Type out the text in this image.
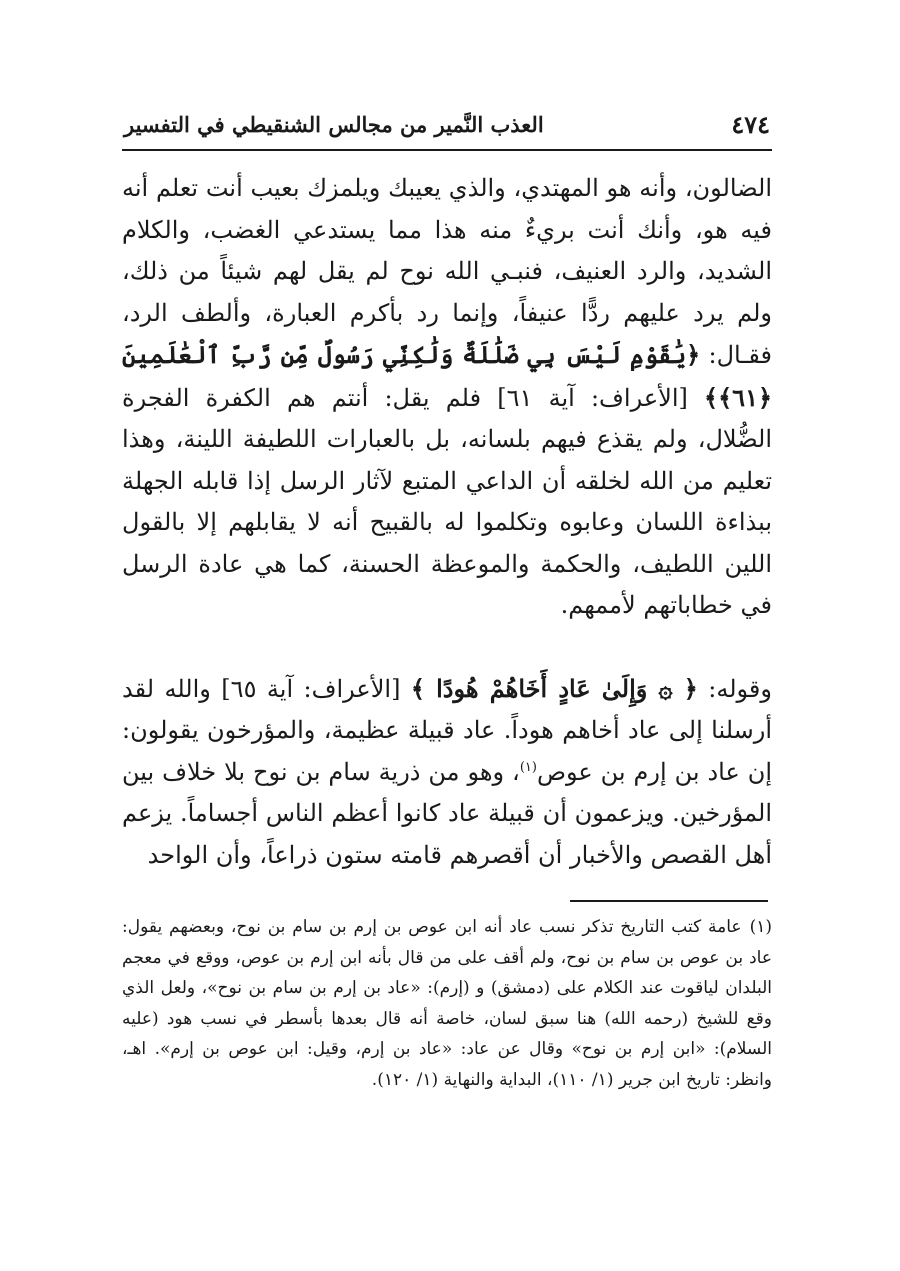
العذب النَّمير من مجالس الشنقيطي في التفسير	٤٧٤

الضالون، وأنه هو المهتدي، والذي يعيبك ويلمزك بعيب أنت تعلم أنه فيه هو، وأنك أنت بريءٌ منه هذا مما يستدعي الغضب، والكلام الشديد، والرد العنيف، فنبـي الله نوح لم يقل لهم شيئاً من ذلك، ولم يرد عليهم ردًّا عنيفاً، وإنما رد بأكرم العبارة، وألطف الرد، فقـال: ﴿يَٰقَوْمِ لَيْسَ بِي ضَلَٰلَةٌ وَلَٰكِنِّي رَسُولٌ مِّن رَّبِّ ٱلْعَٰلَمِينَ ﴿٦١﴾﴾ [الأعراف: آية ٦١] فلم يقل: أنتم هم الكفرة الفجرة الضُّلال، ولم يقذع فيهم بلسانه، بل بالعبارات اللطيفة اللينة، وهذا تعليم من الله لخلقه أن الداعي المتبع لآثار الرسل إذا قابله الجهلة ببذاءة اللسان وعابوه وتكلموا له بالقبيح أنه لا يقابلهم إلا بالقول اللين اللطيف، والحكمة والموعظة الحسنة، كما هي عادة الرسل في خطاباتهم لأممهم.

وقوله: ﴿ ۞ وَإِلَىٰ عَادٍ أَخَاهُمْ هُودًا ﴾ [الأعراف: آية ٦٥] والله لقد أرسلنا إلى عاد أخاهم هوداً. عاد قبيلة عظيمة، والمؤرخون يقولون: إن عاد بن إرم بن عوص$^{(١)}$، وهو من ذرية سام بن نوح بلا خلاف بين المؤرخين. ويزعمون أن قبيلة عاد كانوا أعظم الناس أجساماً. يزعم أهل القصص والأخبار أن أقصرهم قامته ستون ذراعاً، وأن الواحد

(١)عامة كتب التاريخ تذكر نسب عاد أنه ابن عوص بن إرم بن سام بن نوح، وبعضهم يقول: عاد بن عوص بن سام بن نوح، ولم أقف على من قال بأنه ابن إرم بن عوص، ووقع في معجم البلدان لياقوت عند الكلام على (دمشق) و (إرم): «عاد بن إرم بن سام بن نوح»، ولعل الذي وقع للشيخ (رحمه الله) هنا سبق لسان، خاصة أنه قال بعدها بأسطر في نسب هود (عليه السلام): «ابن إرم بن نوح» وقال عن عاد: «عاد بن إرم، وقيل: ابن عوص بن إرم». اهـ، وانظر: تاريخ ابن جرير (١/ ١١٠)، البداية والنهاية (١/ ١٢٠).
